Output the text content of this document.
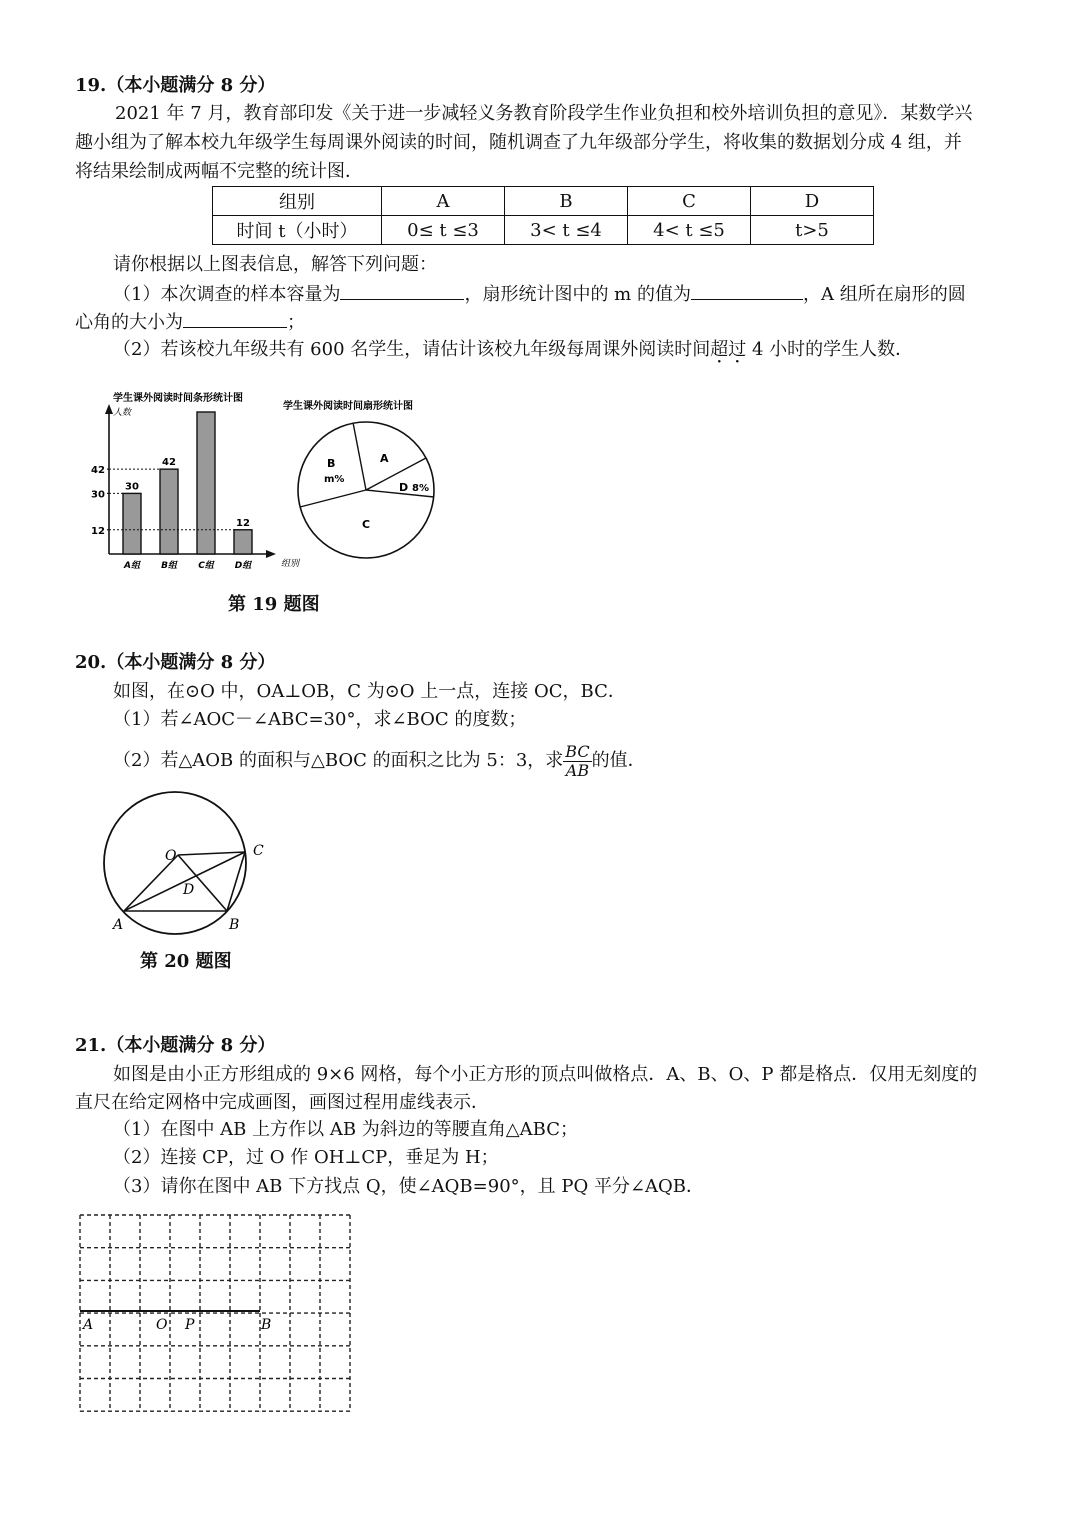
19.（本小题满分 8 分）
2021 年 7 月，教育部印发《关于进一步减轻义务教育阶段学生作业负担和校外培训负担的意见》．某数学兴
趣小组为了解本校九年级学生每周课外阅读的时间，随机调查了九年级部分学生，将收集的数据划分成 4 组，并
将结果绘制成两幅不完整的统计图．
组别	A	B	C	D
时间 t（小时）	0≤ t ≤3	3< t ≤4	4< t ≤5	t>5
请你根据以上图表信息，解答下列问题：
（1）本次调查的样本容量为	，扇形统计图中的 m 的值为	，A 组所在扇形的圆
心角的大小为	；
（2）若该校九年级共有 600 名学生，请估计该校九年级每周课外阅读时间超过 4 小时的学生人数．
学生课外阅读时间条形统计图
人数
组别
12
30
42
30
A组
42
B组 C组
12
D组
学生课外阅读时间扇形统计图
A
B
m%
D 8%
C
第 19 题图
20.（本小题满分 8 分）
如图，在⊙O 中，OA⊥OB，C 为⊙O 上一点，连接 OC，BC．
（1）若∠AOC－∠ABC=30°，求∠BOC 的度数；
（2）若△AOB 的面积与△BOC 的面积之比为 5：3，求 $\frac{BC}{AB}$ 的值．
O	C
D
A	B
第 20 题图
21.（本小题满分 8 分）
如图是由小正方形组成的 9×6 网格，每个小正方形的顶点叫做格点．A、B、O、P 都是格点．仅用无刻度的
直尺在给定网格中完成画图，画图过程用虚线表示．
（1）在图中 AB 上方作以 AB 为斜边的等腰直角△ABC；
（2）连接 CP，过 O 作 OH⊥CP，垂足为 H；
（3）请你在图中 AB 下方找点 Q，使∠AQB=90°，且 PQ 平分∠AQB．
A	O P	B
